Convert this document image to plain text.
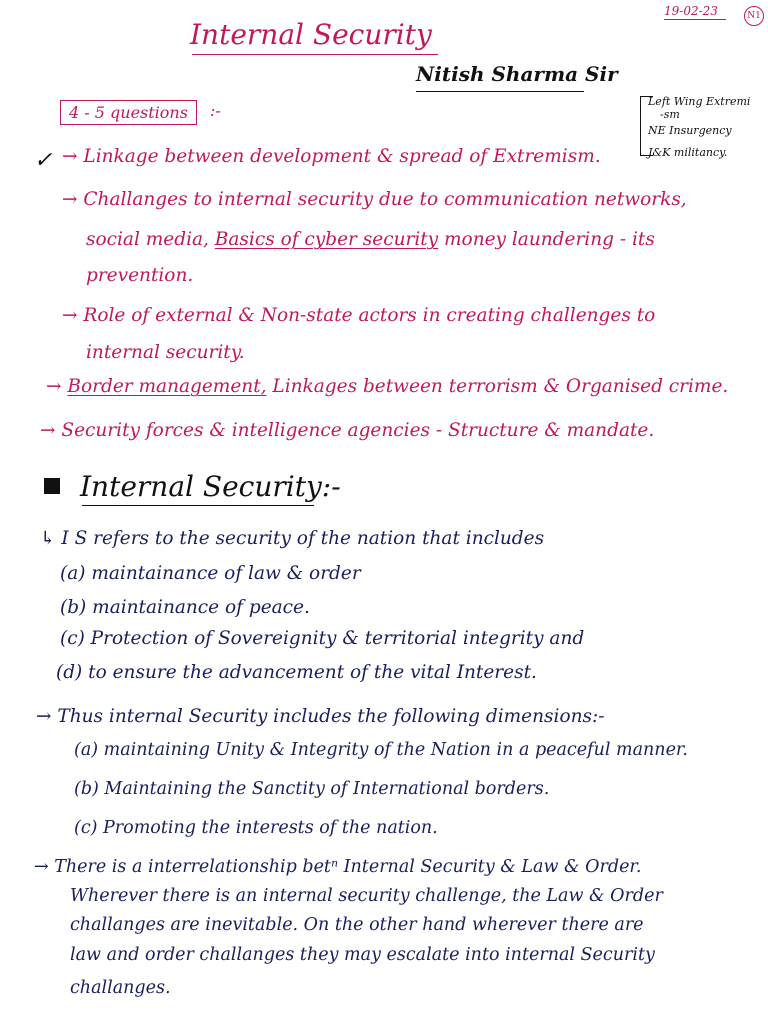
19-02-23	N1
Internal Security
Nitish Sharma Sir
4 - 5 questions	:-	Left Wing Extremi
-sm
NE Insurgency
J&K militancy.
✓ → Linkage between development & spread of Extremism.
→ Challanges to internal security due to communication networks,
social media, Basics of cyber security money laundering - its
prevention.
→ Role of external & Non-state actors in creating challenges to
internal security.
→ Border management, Linkages between terrorism & Organised crime.
→ Security forces & intelligence agencies - Structure & mandate.
Internal Security:-
↳ I S refers to the security of the nation that includes
(a) maintainance of law & order
(b) maintainance of peace.
(c) Protection of Sovereignity & territorial integrity and
(d) to ensure the advancement of the vital Interest.
→ Thus internal Security includes the following dimensions:-
(a) maintaining Unity & Integrity of the Nation in a peaceful manner.
(b) Maintaining the Sanctity of International borders.
(c) Promoting the interests of the nation.
→ There is a interrelationship betⁿ Internal Security & Law & Order.
Wherever there is an internal security challenge, the Law & Order
challanges are inevitable. On the other hand wherever there are
law and order challanges they may escalate into internal Security
challanges.
